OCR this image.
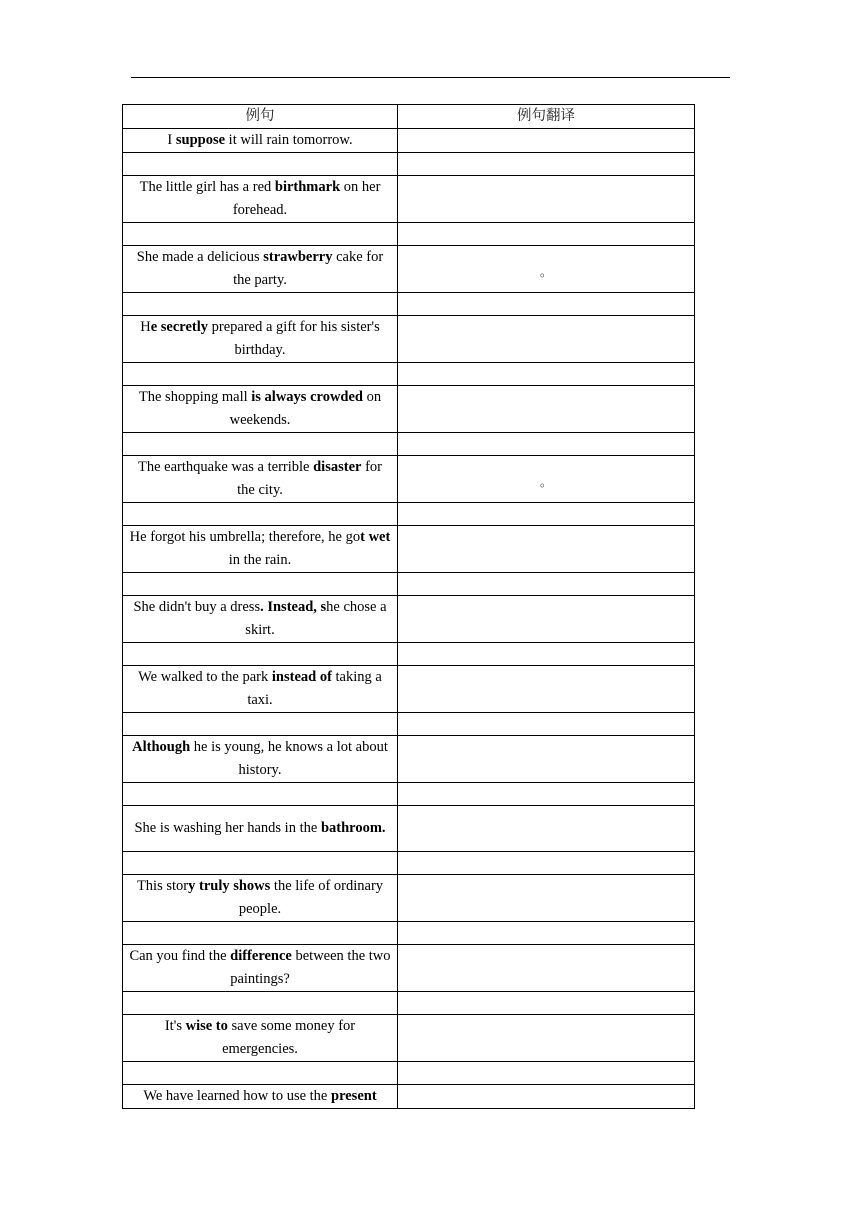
例句	例句翻译
I suppose it will rain tomorrow.	

The little girl has a red birthmark on her forehead.	

She made a delicious strawberry cake for the party.	$_。$

He secretly prepared a gift for his sister's birthday.	

The shopping mall is always crowded on weekends.	

The earthquake was a terrible disaster for the city.	$_。$

He forgot his umbrella; therefore, he got wet in the rain.	

She didn't buy a dress. Instead, she chose a skirt.	

We walked to the park instead of taking a taxi.	

Although he is young, he knows a lot about history.	

She is washing her hands in the bathroom.	

This story truly shows the life of ordinary people.	

Can you find the difference between the two paintings?	

It's wise to save some money for emergencies.	

We have learned how to use the present	
